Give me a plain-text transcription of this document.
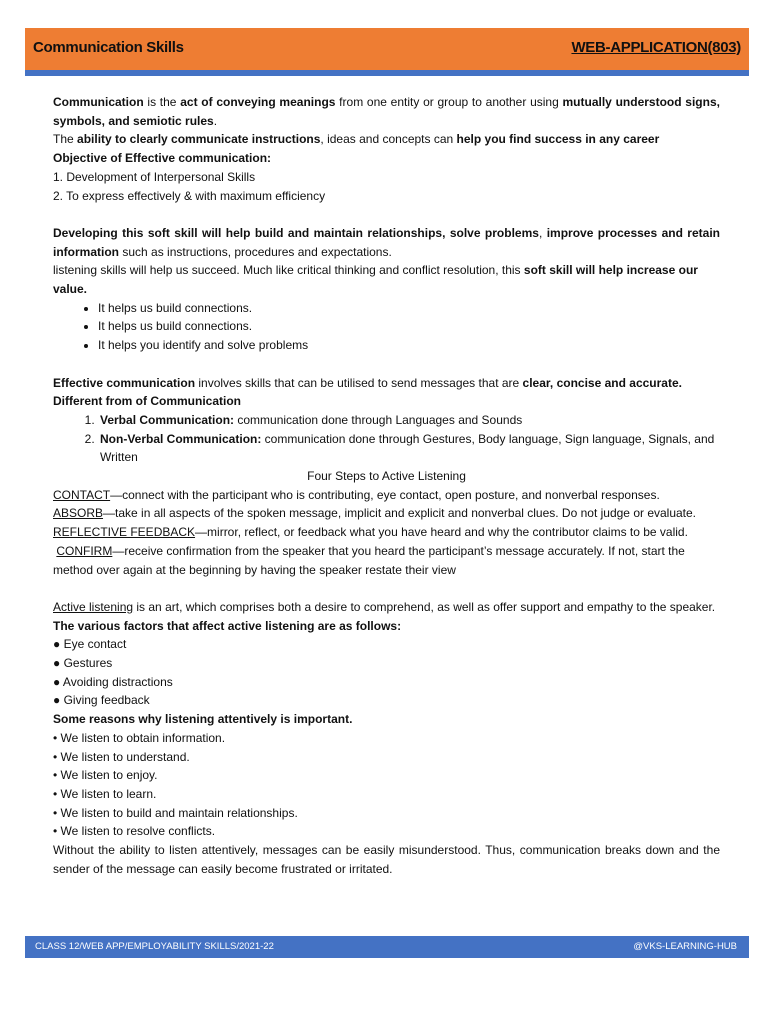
Communication Skills	WEB-APPLICATION(803)

Communication is the act of conveying meanings from one entity or group to another using mutually understood signs, symbols, and semiotic rules.

The ability to clearly communicate instructions, ideas and concepts can help you find success in any career

Objective of Effective communication:

1. Development of Interpersonal Skills

2. To express effectively & with maximum efficiency

Developing this soft skill will help build and maintain relationships, solve problems, improve processes and retain information such as instructions, procedures and expectations.

listening skills will help us succeed. Much like critical thinking and conflict resolution, this soft skill will help increase our value.

• It helps us build connections.
• It helps us build connections.
• It helps you identify and solve problems

Effective communication involves skills that can be utilised to send messages that are clear, concise and accurate.

Different from of Communication

1. Verbal Communication: communication done through Languages and Sounds
2. Non-Verbal Communication: communication done through Gestures, Body language, Sign language, Signals, and Written

Four Steps to Active Listening

CONTACT—connect with the participant who is contributing, eye contact, open posture, and nonverbal responses.

ABSORB—take in all aspects of the spoken message, implicit and explicit and nonverbal clues. Do not judge or evaluate.

REFLECTIVE FEEDBACK—mirror, reflect, or feedback what you have heard and why the contributor claims to be valid.

CONFIRM—receive confirmation from the speaker that you heard the participant’s message accurately. If not, start the method over again at the beginning by having the speaker restate their view

Active listening is an art, which comprises both a desire to comprehend, as well as offer support and empathy to the speaker.

The various factors that affect active listening are as follows:

● Eye contact

● Gestures

● Avoiding distractions

● Giving feedback

Some reasons why listening attentively is important.

• We listen to obtain information.

• We listen to understand.

• We listen to enjoy.

• We listen to learn.

• We listen to build and maintain relationships.

• We listen to resolve conflicts.

Without the ability to listen attentively, messages can be easily misunderstood. Thus, communication breaks down and the sender of the message can easily become frustrated or irritated.

CLASS 12/WEB APP/EMPLOYABILITY SKILLS/2021-22	@VKS-LEARNING-HUB
